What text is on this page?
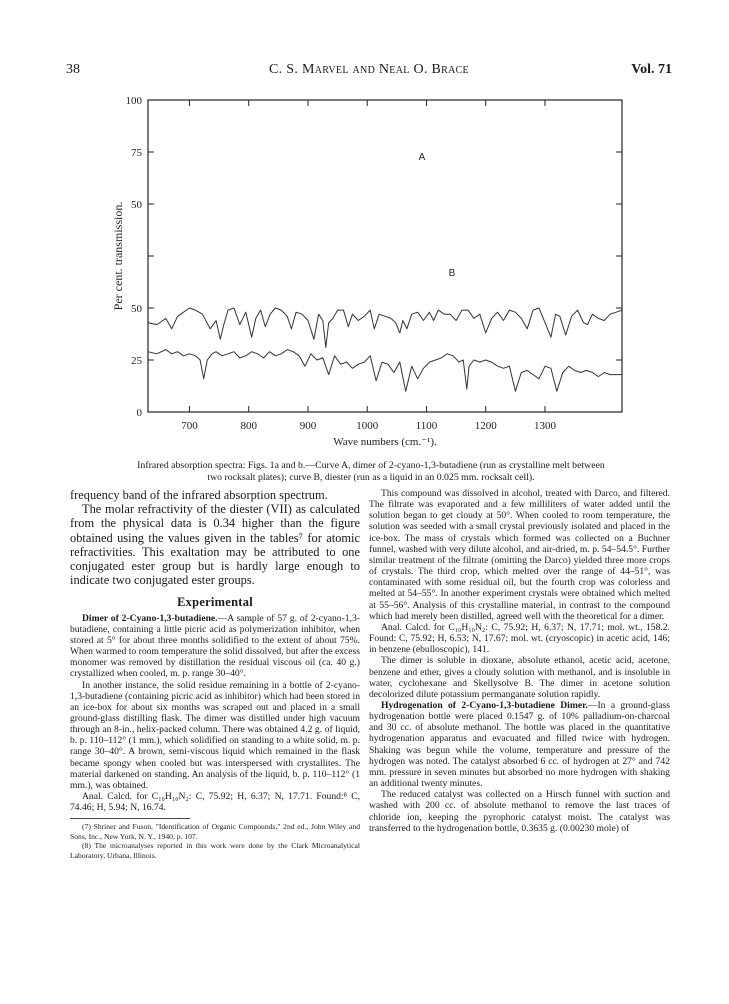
38	C. S. Marvel and Neal O. Brace	Vol. 71
0
25
50
50
75
100
700	800	900	1000	1100	1200	1300
A
B
Wave numbers (cm.⁻¹).
Per cent. transmission.
Infrared absorption spectra: Figs. 1a and b.—Curve A, dimer of 2-cyano-1,3-butadiene (run as crystalline melt between
two rocksalt plates); curve B, diester (run as a liquid in an 0.025 mm. rocksalt cell).

frequency band of the infrared absorption spectrum.

The molar refractivity of the diester (VII) as calculated from the physical data is 0.34 higher than the figure obtained using the values given in the tables⁷ for atomic refractivities. This exaltation may be attributed to one conjugated ester group but is hardly large enough to indicate two conjugated ester groups.

Experimental

Dimer of 2-Cyano-1,3-butadiene.—A sample of 57 g. of 2-cyano-1,3-butadiene, containing a little picric acid as polymerization inhibitor, when stored at 5° for about three months solidified to the extent of about 75%. When warmed to room temperature the solid dissolved, but after the excess monomer was removed by distillation the residual viscous oil (ca. 40 g.) crystallized when cooled, m. p. range 30–40°.

In another instance, the solid residue remaining in a bottle of 2-cyano-1,3-butadiene (containing picric acid as inhibitor) which had been stored in an ice-box for about six months was scraped out and placed in a small ground-glass distilling flask. The dimer was distilled under high vacuum through an 8-in., helix-packed column. There was obtained 4.2 g. of liquid, b. p. 110–112° (1 mm.), which solidified on standing to a white solid, m. p. range 30–40°. A brown, semi-viscous liquid which remained in the flask became spongy when cooled but was interspersed with crystallites. The material darkened on standing. An analysis of the liquid, b. p. 110–112° (1 mm.), was obtained.

Anal. Calcd. for C₁₀H₁₀N₂: C, 75.92; H, 6.37; N, 17.71. Found:⁸ C, 74.46; H, 5.94; N, 16.74.

(7) Shriner and Fuson, "Identification of Organic Compounds," 2nd ed., John Wiley and Sons, Inc., New York, N. Y., 1940, p. 107.

(8) The microanalyses reported in this work were done by the Clark Microanalytical Laboratory, Urbana, Illinois.

This compound was dissolved in alcohol, treated with Darco, and filtered. The filtrate was evaporated and a few milliliters of water added until the solution began to get cloudy at 50°. When cooled to room temperature, the solution was seeded with a small crystal previously isolated and placed in the ice-box. The mass of crystals which formed was collected on a Buchner funnel, washed with very dilute alcohol, and air-dried, m. p. 54–54.5°. Further similar treatment of the filtrate (omitting the Darco) yielded three more crops of crystals. The third crop, which melted over the range of 44–51°, was contaminated with some residual oil, but the fourth crop was colorless and melted at 54–55°. In another experiment crystals were obtained which melted at 55–56°. Analysis of this crystalline material, in contrast to the compound which had merely been distilled, agreed well with the theoretical for a dimer.

Anal. Calcd. for C₁₀H₁₀N₂: C, 75.92; H, 6.37; N, 17.71; mol. wt., 158.2. Found: C, 75.92; H, 6.53; N, 17.67; mol. wt. (cryoscopic) in acetic acid, 146; in benzene (ebulloscopic), 141.

The dimer is soluble in dioxane, absolute ethanol, acetic acid, acetone, benzene and ether, gives a cloudy solution with methanol, and is insoluble in water, cyclohexane and Skellysolve B. The dimer in acetone solution decolorized dilute potassium permanganate solution rapidly.

Hydrogenation of 2-Cyano-1,3-butadiene Dimer.—In a ground-glass hydrogenation bottle were placed 0.1547 g. of 10% palladium-on-charcoal and 30 cc. of absolute methanol. The bottle was placed in the quantitative hydrogenation apparatus and evacuated and filled twice with hydrogen. Shaking was begun while the volume, temperature and pressure of the hydrogen was noted. The catalyst absorbed 6 cc. of hydrogen at 27° and 742 mm. pressure in seven minutes but absorbed no more hydrogen with shaking an additional twenty minutes.

The reduced catalyst was collected on a Hirsch funnel with suction and washed with 200 cc. of absolute methanol to remove the last traces of chloride ion, keeping the pyrophoric catalyst moist. The catalyst was transferred to the hydrogenation bottle, 0.3635 g. (0.00230 mole) of
